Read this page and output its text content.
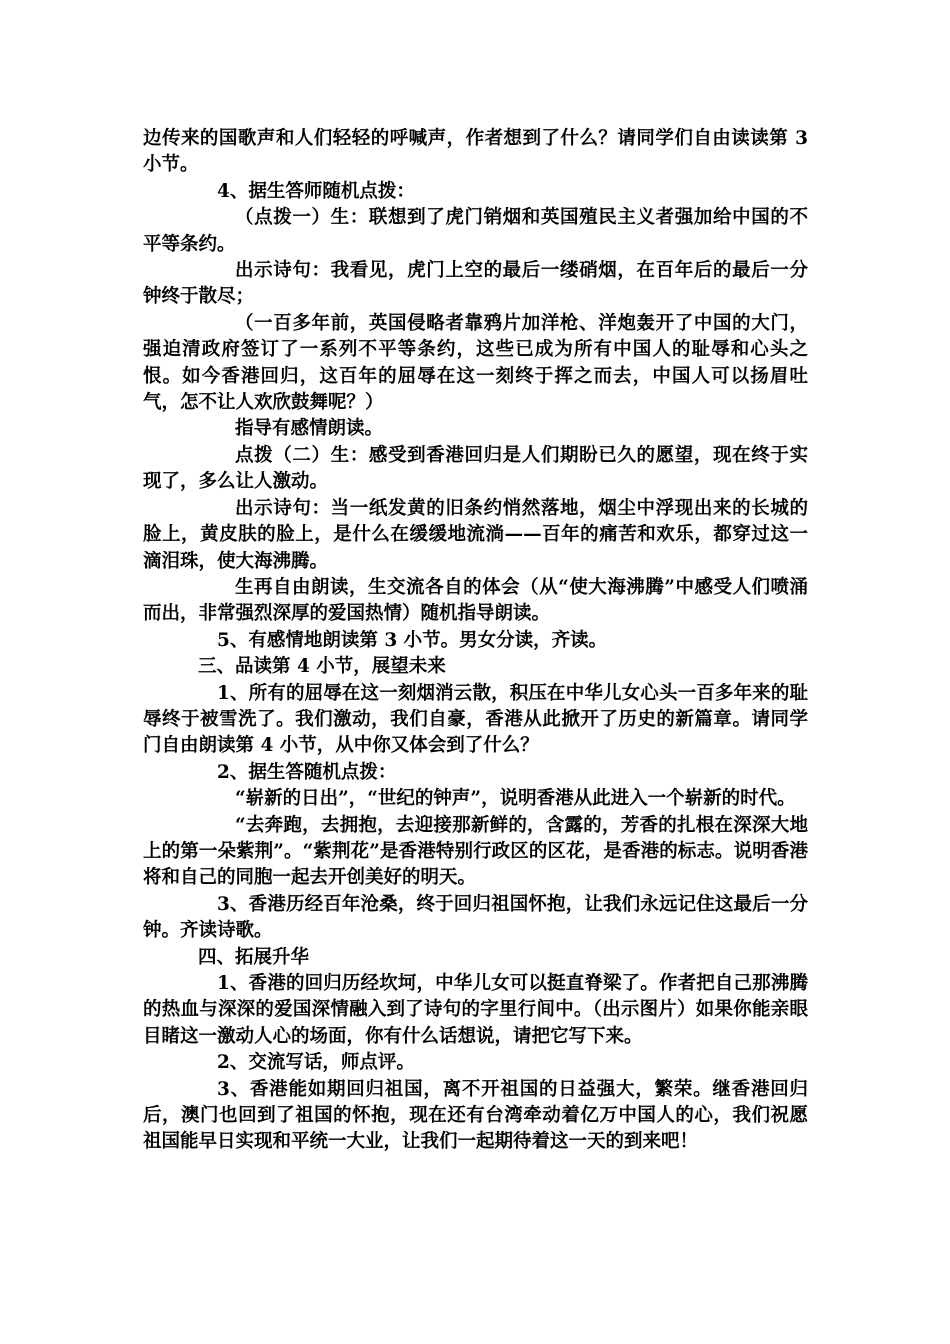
边传来的国歌声和人们轻轻的呼喊声，作者想到了什么？请同学们自由读读第 3 小节。

4、据生答师随机点拨：

（点拨一）生：联想到了虎门销烟和英国殖民主义者强加给中国的不平等条约。

出示诗句：我看见，虎门上空的最后一缕硝烟，在百年后的最后一分钟终于散尽；

（一百多年前，英国侵略者靠鸦片加洋枪、洋炮轰开了中国的大门，强迫清政府签订了一系列不平等条约，这些已成为所有中国人的耻辱和心头之恨。如今香港回归，这百年的屈辱在这一刻终于挥之而去，中国人可以扬眉吐气，怎不让人欢欣鼓舞呢？）

指导有感情朗读。

点拨（二）生：感受到香港回归是人们期盼已久的愿望，现在终于实现了，多么让人激动。

出示诗句：当一纸发黄的旧条约悄然落地，烟尘中浮现出来的长城的脸上，黄皮肤的脸上，是什么在缓缓地流淌——百年的痛苦和欢乐，都穿过这一滴泪珠，使大海沸腾。

生再自由朗读，生交流各自的体会（从“使大海沸腾”中感受人们喷涌而出，非常强烈深厚的爱国热情）随机指导朗读。

5、有感情地朗读第 3 小节。男女分读，齐读。

三、品读第 4 小节，展望未来

1、所有的屈辱在这一刻烟消云散，积压在中华儿女心头一百多年来的耻辱终于被雪洗了。我们激动，我们自豪，香港从此掀开了历史的新篇章。请同学门自由朗读第 4 小节，从中你又体会到了什么？

2、据生答随机点拨：

“崭新的日出”，“世纪的钟声”，说明香港从此进入一个崭新的时代。

“去奔跑，去拥抱，去迎接那新鲜的，含露的，芳香的扎根在深深大地上的第一朵紫荆”。“紫荆花”是香港特别行政区的区花，是香港的标志。说明香港将和自己的同胞一起去开创美好的明天。

3、香港历经百年沧桑，终于回归祖国怀抱，让我们永远记住这最后一分钟。齐读诗歌。

四、拓展升华

1、香港的回归历经坎坷，中华儿女可以挺直脊梁了。作者把自己那沸腾的热血与深深的爱国深情融入到了诗句的字里行间中。（出示图片）如果你能亲眼目睹这一激动人心的场面，你有什么话想说，请把它写下来。

2、交流写话，师点评。

3、香港能如期回归祖国，离不开祖国的日益强大，繁荣。继香港回归后，澳门也回到了祖国的怀抱，现在还有台湾牵动着亿万中国人的心，我们祝愿祖国能早日实现和平统一大业，让我们一起期待着这一天的到来吧！
